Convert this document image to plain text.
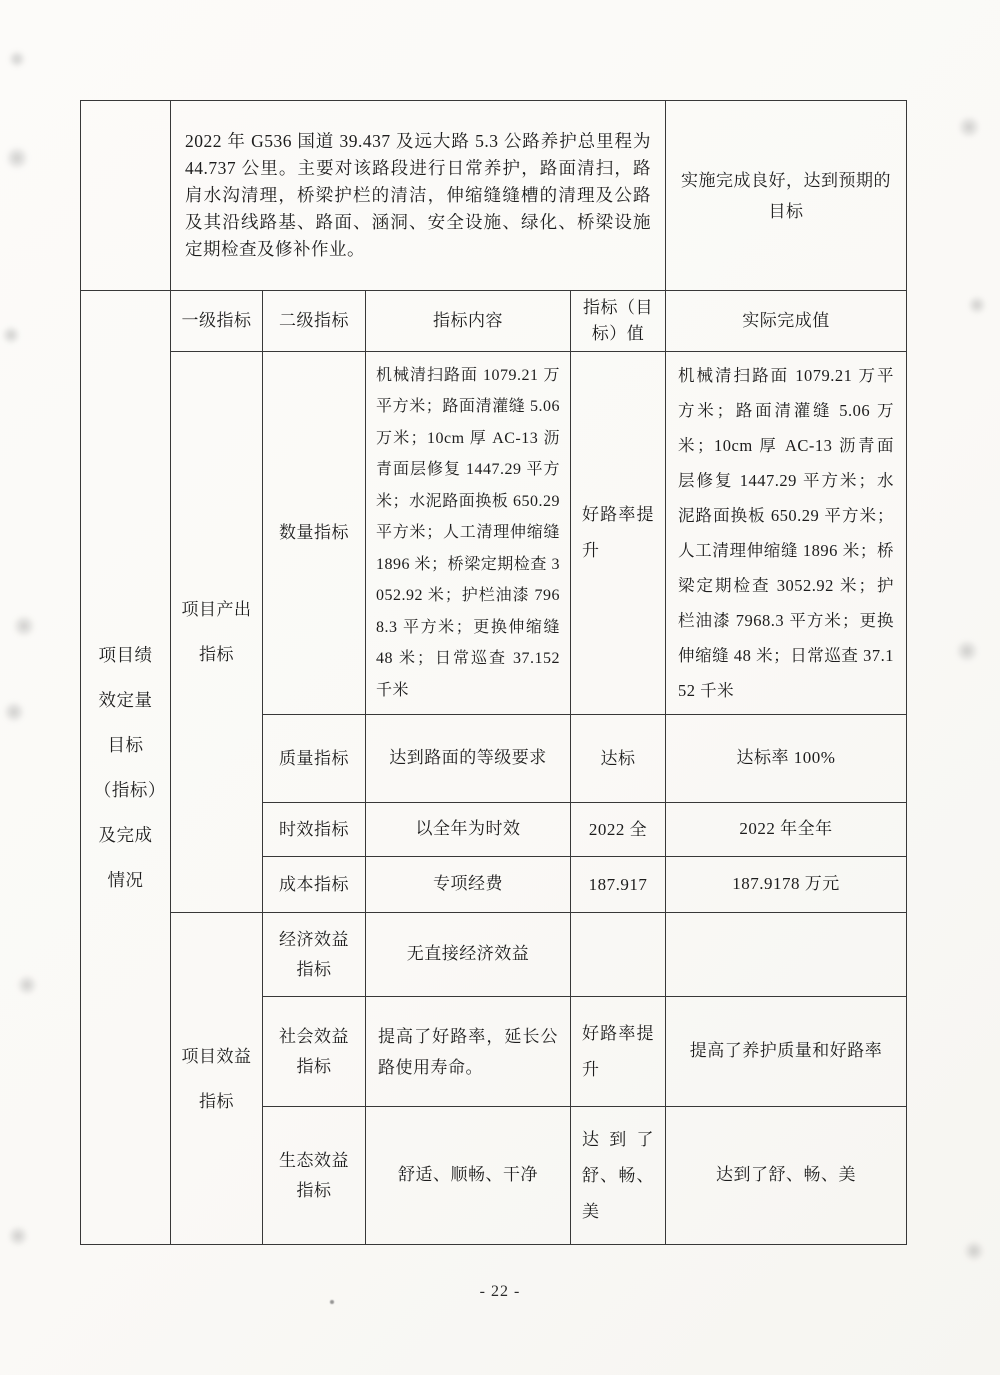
	2022 年 G536 国道 39.437 及远大路 5.3 公路养护总里程为 44.737 公里。主要对该路段进行日常养护，路面清扫，路肩水沟清理，桥梁护栏的清洁，伸缩缝缝槽的清理及公路及其沿线路基、路面、涵洞、安全设施、绿化、桥梁设施定期检查及修补作业。				实施完成良好，达到预期的目标
项目绩效定量目标（指标）及完成情况	一级指标	二级指标	指标内容	指标（目标）值	实际完成值
	项目产出指标	数量指标	机械清扫路面 1079.21 万平方米；路面清灌缝 5.06 万米；10cm 厚 AC-13 沥青面层修复 1447.29 平方米；水泥路面换板 650.29 平方米；人工清理伸缩缝 1896 米；桥梁定期检查 3052.92 米；护栏油漆 7968.3 平方米；更换伸缩缝 48 米；日常巡查 37.152 千米	好路率提升	机械清扫路面 1079.21 万平方米；路面清灌缝 5.06 万米；10cm 厚 AC-13 沥青面层修复 1447.29 平方米；水泥路面换板 650.29 平方米；人工清理伸缩缝 1896 米；桥梁定期检查 3052.92 米；护栏油漆 7968.3 平方米；更换伸缩缝 48 米；日常巡查 37.152 千米
		质量指标	达到路面的等级要求	达标	达标率 100%
		时效指标	以全年为时效	2022 全	2022 年全年
		成本指标	专项经费	187.917	187.9178 万元
	项目效益指标	经济效益指标	无直接经济效益		
		社会效益指标	提高了好路率，延长公路使用寿命。	好路率提升	提高了养护质量和好路率
		生态效益指标	舒适、顺畅、干净	达到了舒、畅、美	达到了舒、畅、美
- 22 -
